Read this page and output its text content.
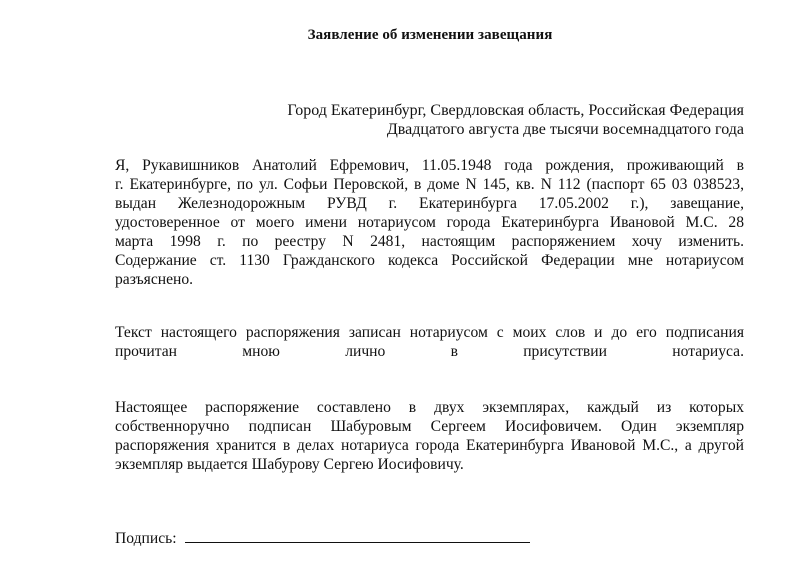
Заявление об изменении завещания
Город Екатеринбург, Свердловская область, Российская Федерация
Двадцатого августа две тысячи восемнадцатого года
Я, Рукавишников Анатолий Ефремович, 11.05.1948 года рождения, проживающий в
г. Екатеринбурге, по ул. Софьи Перовской, в доме N 145, кв. N 112 (паспорт 65 03 038523,
выдан Железнодорожным РУВД г. Екатеринбурга 17.05.2002 г.), завещание,
удостоверенное от моего имени нотариусом города Екатеринбурга Ивановой М.С. 28
марта 1998 г. по реестру N 2481, настоящим распоряжением хочу изменить.
Содержание ст. 1130 Гражданского кодекса Российской Федерации мне нотариусом
разъяснено.
Текст настоящего распоряжения записан нотариусом с моих слов и до его подписания
прочитан мною лично в присутствии нотариуса.
Настоящее распоряжение составлено в двух экземплярах, каждый из которых
собственноручно подписан Шабуровым Сергеем Иосифовичем. Один экземпляр
распоряжения хранится в делах нотариуса города Екатеринбурга Ивановой М.С., а другой
экземпляр выдается Шабурову Сергею Иосифовичу.
Подпись:
